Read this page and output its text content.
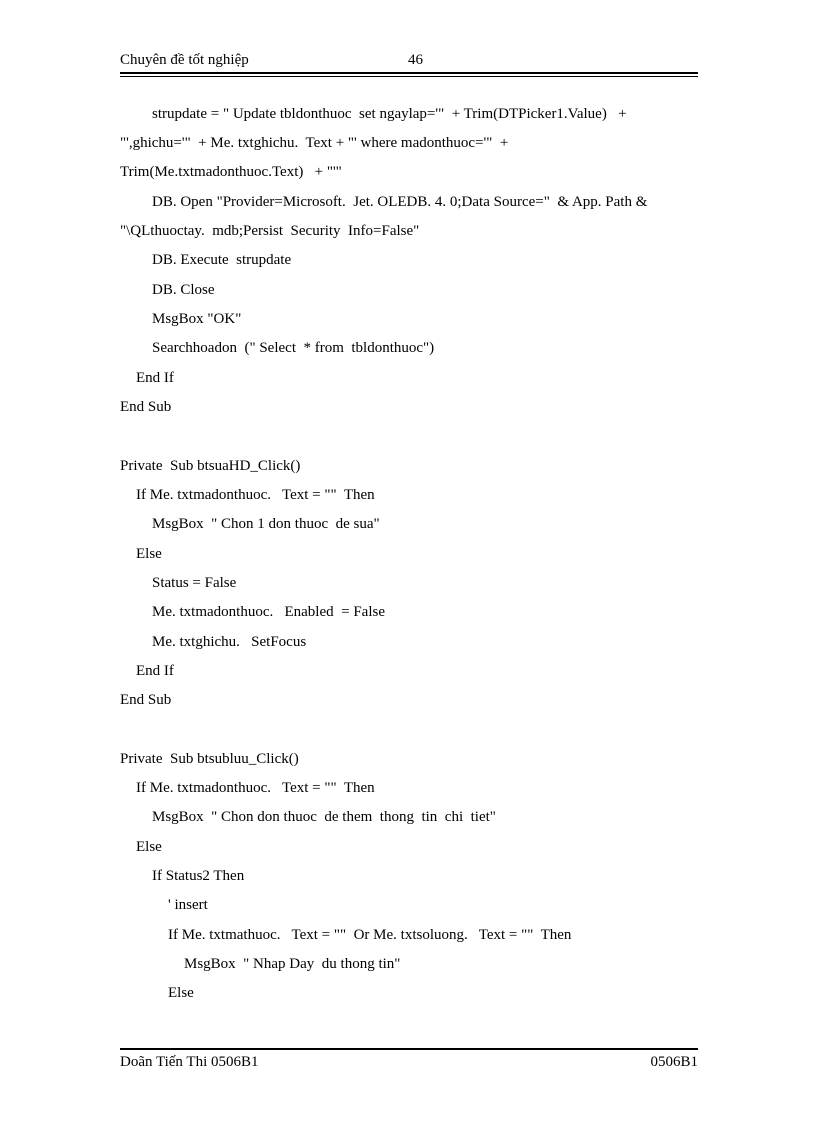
Chuyên đề tốt nghiệp	46
strupdate = " Update tbldonthuoc  set ngaylap='"  + Trim(DTPicker1.Value)   +
"',ghichu='"  + Me. txtghichu.  Text + "' where madonthuoc='"  +
Trim(Me.txtmadonthuoc.Text)   + "'"
DB. Open "Provider=Microsoft.  Jet. OLEDB. 4. 0;Data Source="  & App. Path &
"\QLthuoctay.  mdb;Persist  Security  Info=False"
DB. Execute  strupdate
DB. Close
MsgBox "OK"
Searchhoadon  (" Select  * from  tbldonthuoc")
End If
End Sub
Private  Sub btsuaHD_Click()
If Me. txtmadonthuoc.   Text = ""  Then
MsgBox  " Chon 1 don thuoc  de sua"
Else
Status = False
Me. txtmadonthuoc.   Enabled  = False
Me. txtghichu.   SetFocus
End If
End Sub
Private  Sub btsubluu_Click()
If Me. txtmadonthuoc.   Text = ""  Then
MsgBox  " Chon don thuoc  de them  thong  tin  chi  tiet"
Else
If Status2 Then
' insert
If Me. txtmathuoc.   Text = ""  Or Me. txtsoluong.   Text = ""  Then
MsgBox  " Nhap Day  du thong tin"
Else
Doãn Tiến Thi 0506B1	0506B1
